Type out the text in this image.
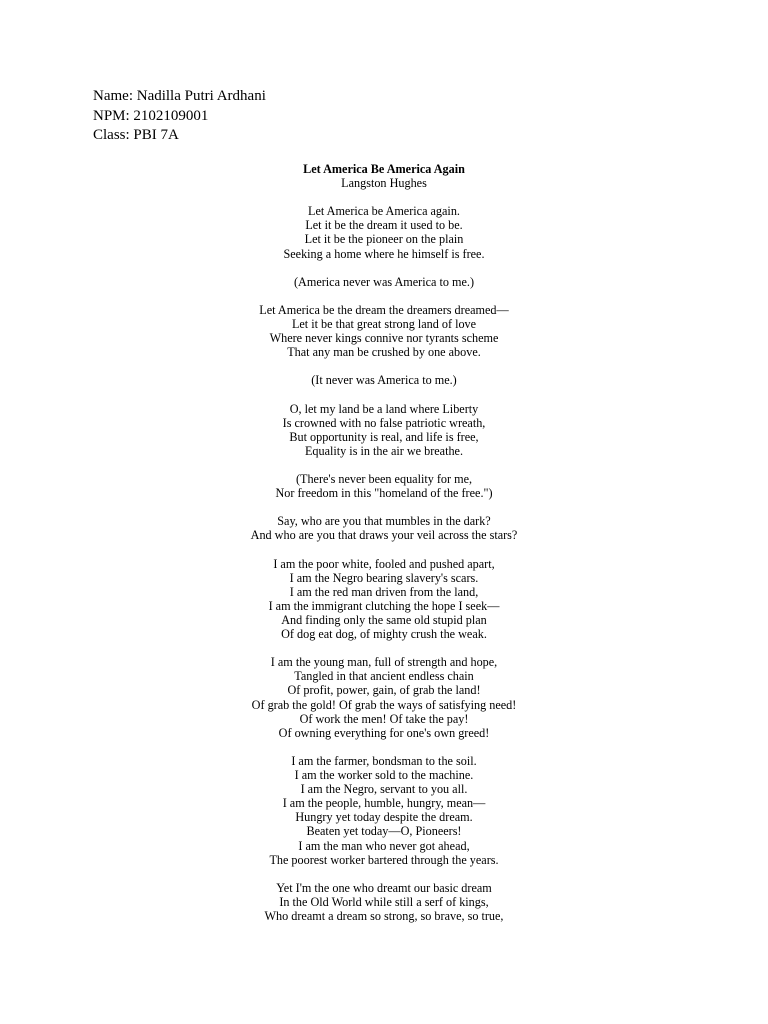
Name: Nadilla Putri Ardhani
NPM: 2102109001
Class: PBI 7A
Let America Be America Again
Langston Hughes
Let America be America again.
Let it be the dream it used to be.
Let it be the pioneer on the plain
Seeking a home where he himself is free.
(America never was America to me.)
Let America be the dream the dreamers dreamed—
Let it be that great strong land of love
Where never kings connive nor tyrants scheme
That any man be crushed by one above.
(It never was America to me.)
O, let my land be a land where Liberty
Is crowned with no false patriotic wreath,
But opportunity is real, and life is free,
Equality is in the air we breathe.
(There's never been equality for me,
Nor freedom in this "homeland of the free.")
Say, who are you that mumbles in the dark?
And who are you that draws your veil across the stars?
I am the poor white, fooled and pushed apart,
I am the Negro bearing slavery's scars.
I am the red man driven from the land,
I am the immigrant clutching the hope I seek—
And finding only the same old stupid plan
Of dog eat dog, of mighty crush the weak.
I am the young man, full of strength and hope,
Tangled in that ancient endless chain
Of profit, power, gain, of grab the land!
Of grab the gold! Of grab the ways of satisfying need!
Of work the men! Of take the pay!
Of owning everything for one's own greed!
I am the farmer, bondsman to the soil.
I am the worker sold to the machine.
I am the Negro, servant to you all.
I am the people, humble, hungry, mean—
Hungry yet today despite the dream.
Beaten yet today—O, Pioneers!
I am the man who never got ahead,
The poorest worker bartered through the years.
Yet I'm the one who dreamt our basic dream
In the Old World while still a serf of kings,
Who dreamt a dream so strong, so brave, so true,
